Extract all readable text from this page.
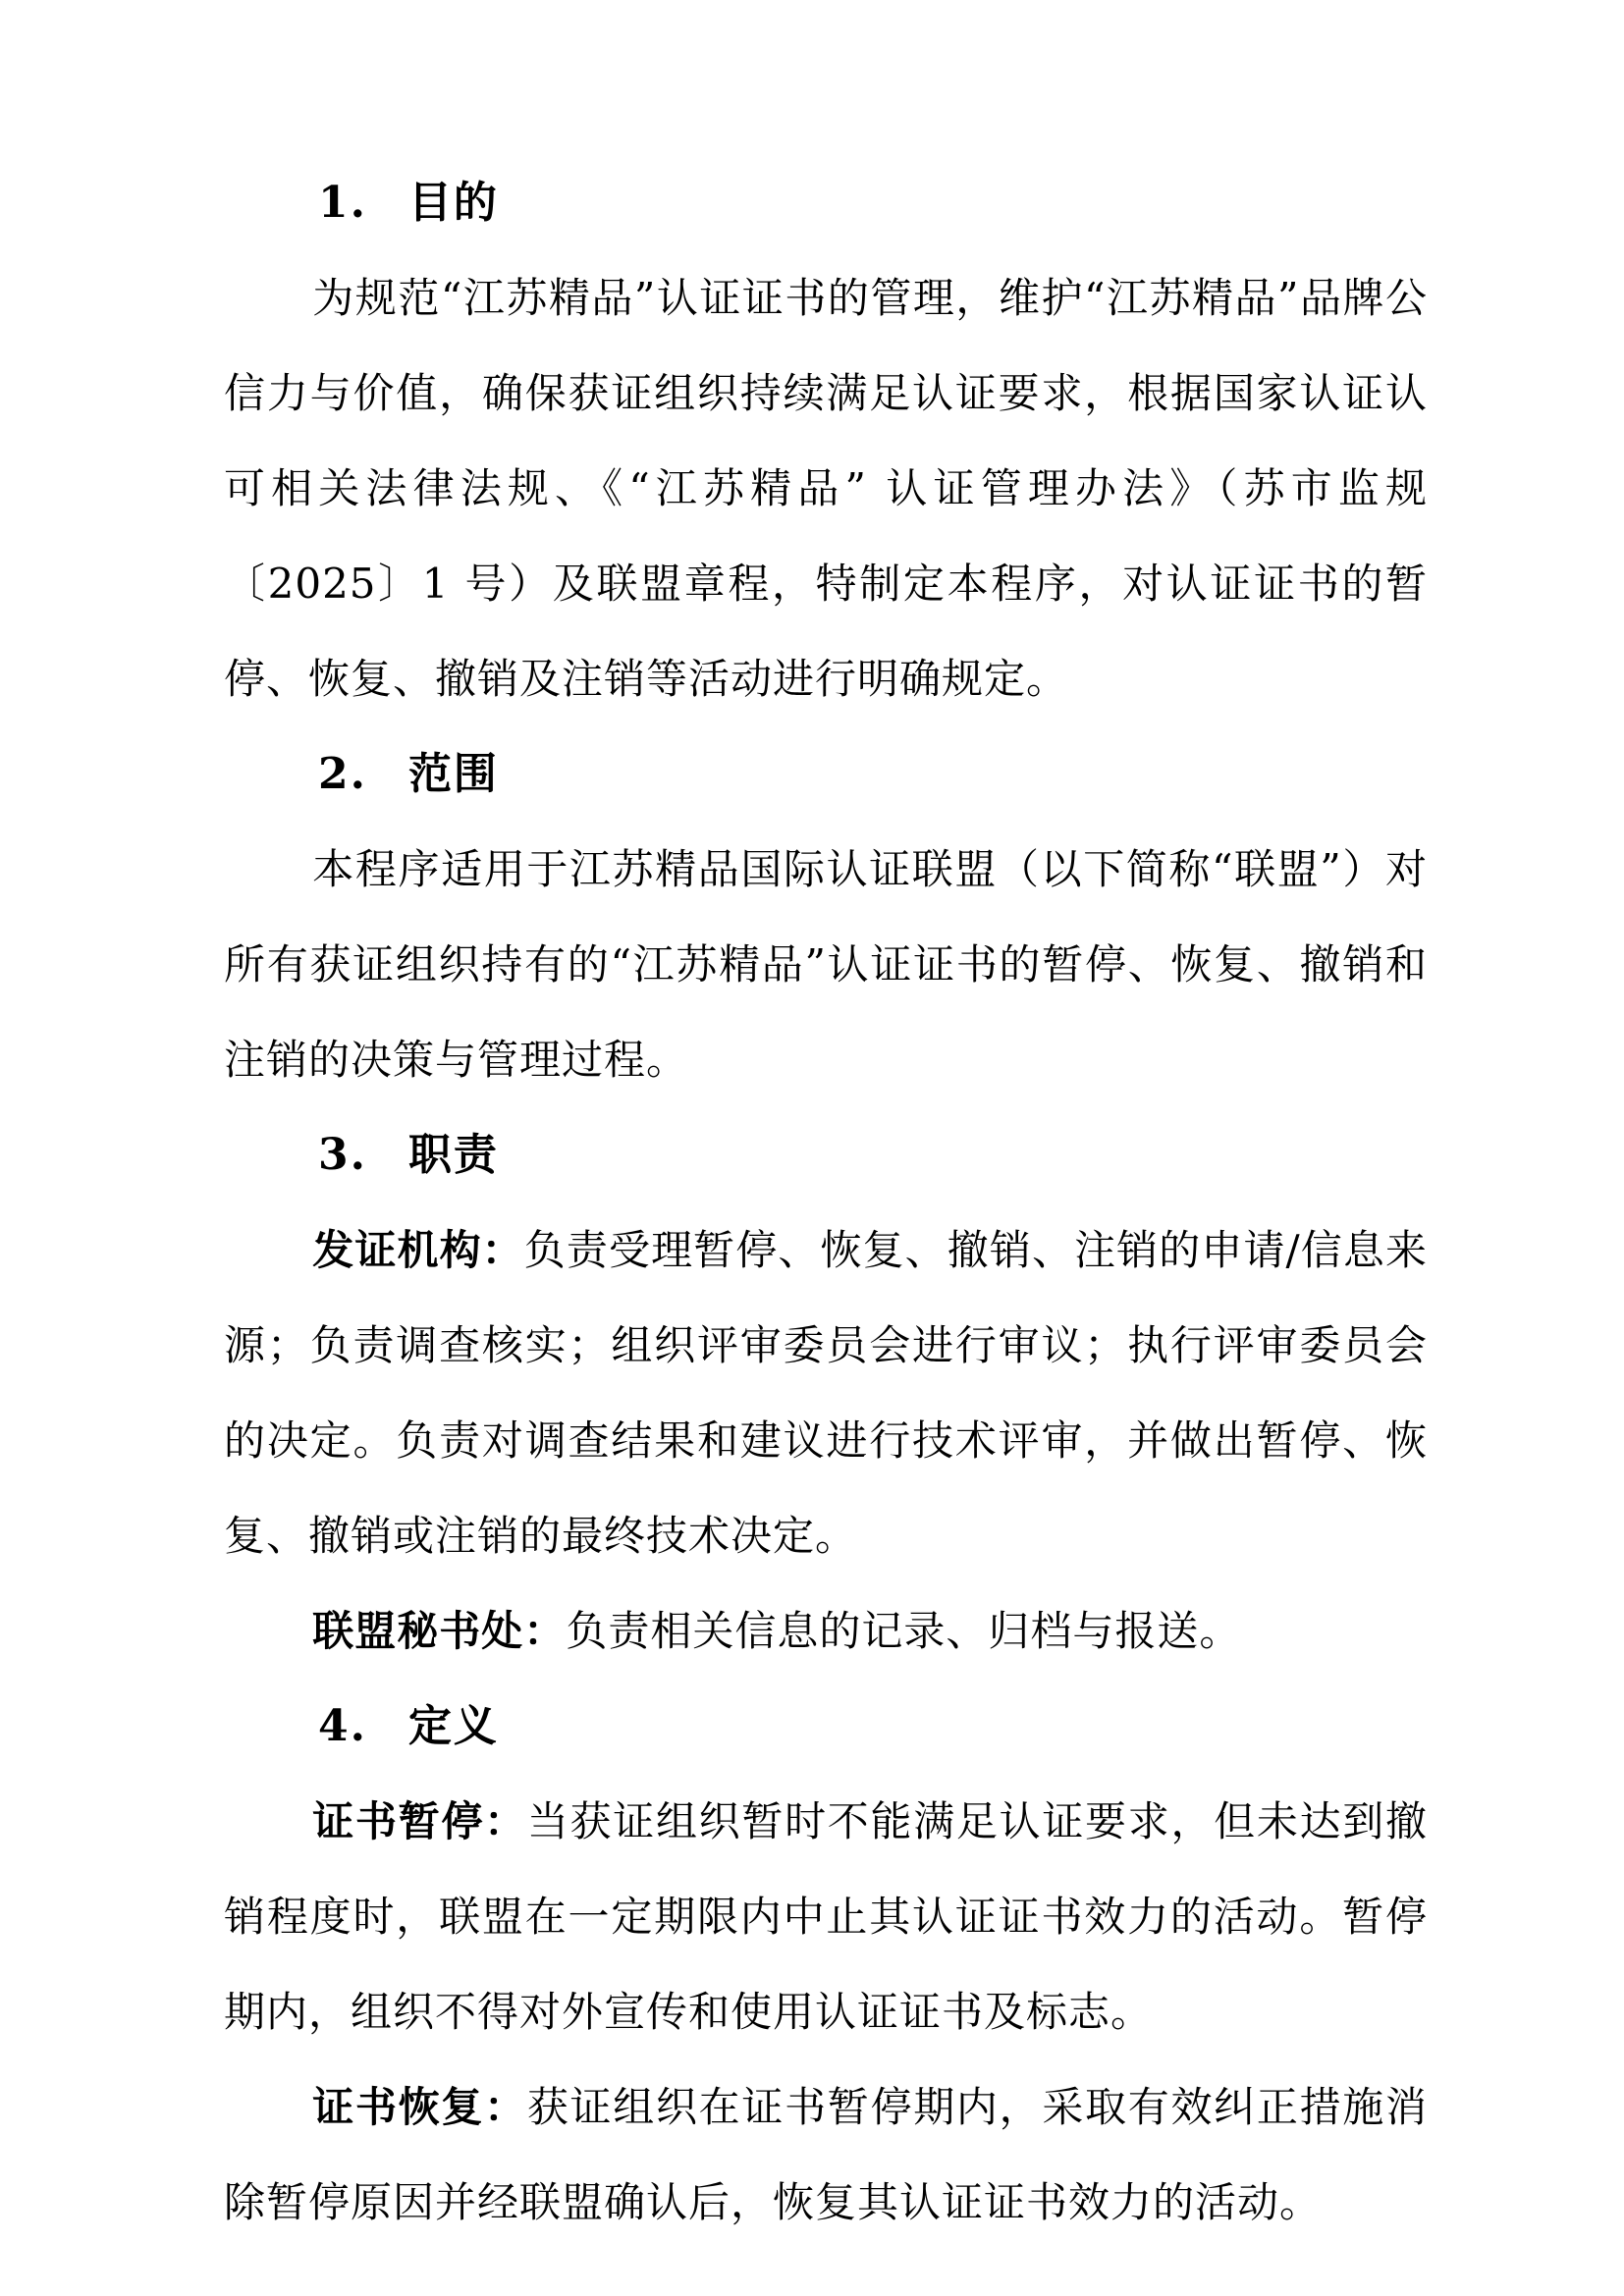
1. 目的

为规范“江苏精品”认证证书的管理，维护“江苏精品”品牌公信力与价值，确保获证组织持续满足认证要求，根据国家认证认可相关法律法规、《“江苏精品” 认证管理办法》（苏市监规〔2025〕1 号）及联盟章程，特制定本程序，对认证证书的暂停、恢复、撤销及注销等活动进行明确规定。

2. 范围

本程序适用于江苏精品国际认证联盟（以下简称“联盟”）对所有获证组织持有的“江苏精品”认证证书的暂停、恢复、撤销和注销的决策与管理过程。

3. 职责

发证机构：负责受理暂停、恢复、撤销、注销的申请/信息来源；负责调查核实；组织评审委员会进行审议；执行评审委员会的决定。负责对调查结果和建议进行技术评审，并做出暂停、恢复、撤销或注销的最终技术决定。

联盟秘书处：负责相关信息的记录、归档与报送。

4. 定义

证书暂停：当获证组织暂时不能满足认证要求，但未达到撤销程度时，联盟在一定期限内中止其认证证书效力的活动。暂停期内，组织不得对外宣传和使用认证证书及标志。

证书恢复：获证组织在证书暂停期内，采取有效纠正措施消除暂停原因并经联盟确认后，恢复其认证证书效力的活动。
